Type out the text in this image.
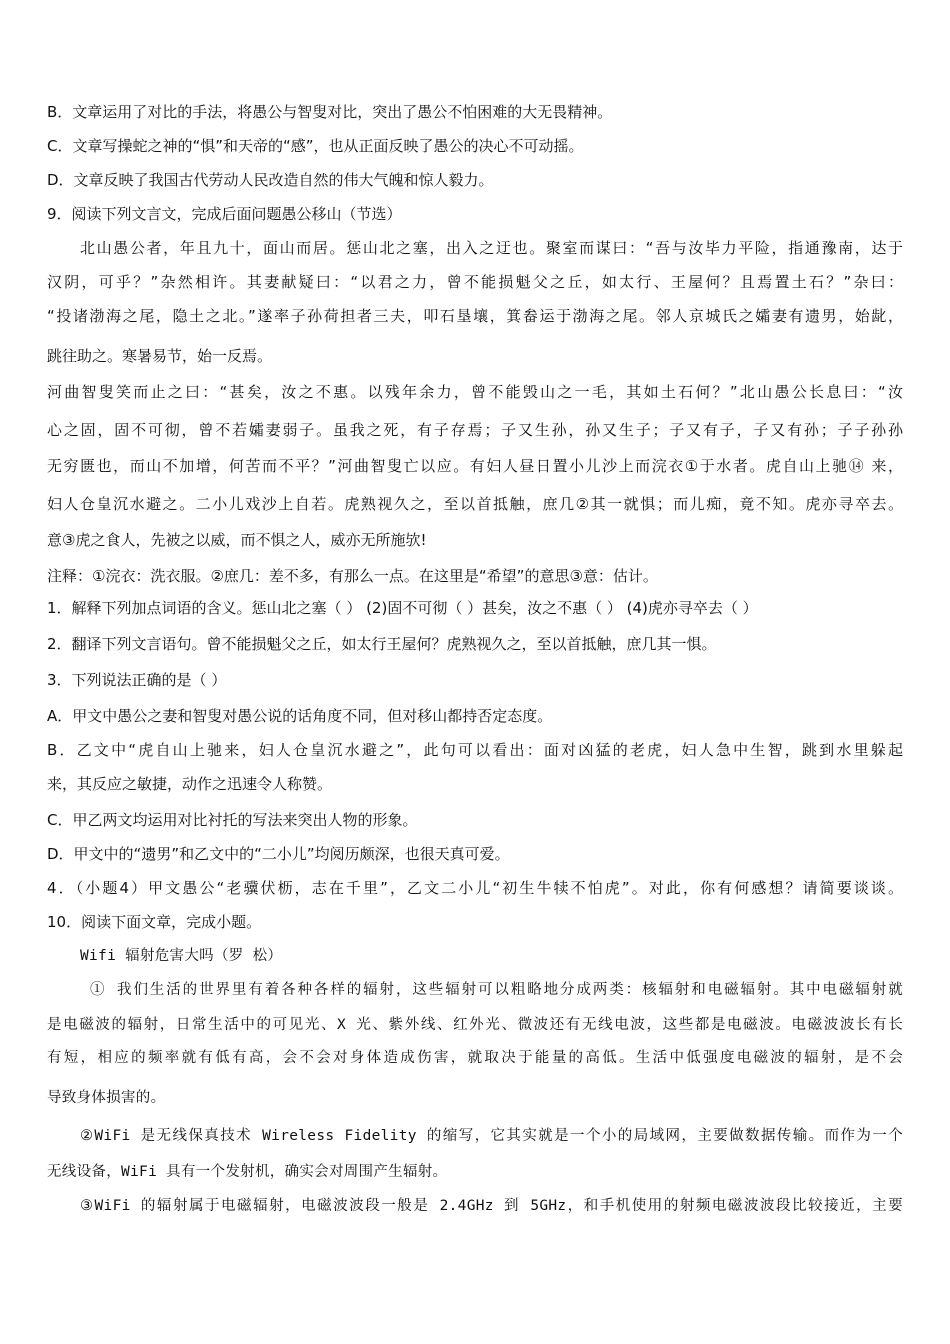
B．文章运用了对比的手法，将愚公与智叟对比，突出了愚公不怕困难的大无畏精神。
C．文章写操蛇之神的“惧”和天帝的“感”，也从正面反映了愚公的决心不可动摇。
D．文章反映了我国古代劳动人民改造自然的伟大气魄和惊人毅力。
9．阅读下列文言文，完成后面问题愚公移山（节选）
北山愚公者，年且九十，面山而居。惩山北之塞，出入之迂也。聚室而谋曰：“吾与汝毕力平险，指通豫南，达于
汉阴，可乎？”杂然相许。其妻献疑曰：“以君之力，曾不能损魁父之丘，如太行、王屋何？且焉置土石？”杂曰：
“投诸渤海之尾，隐土之北。”遂率子孙荷担者三夫，叩石垦壤，箕畚运于渤海之尾。邻人京城氏之孀妻有遗男，始龀，
跳往助之。寒暑易节，始一反焉。
河曲智叟笑而止之曰：“甚矣，汝之不惠。以残年余力，曾不能毁山之一毛，其如土石何？”北山愚公长息曰：“汝
心之固，固不可彻，曾不若孀妻弱子。虽我之死，有子存焉；子又生孙，孙又生子；子又有子，子又有孙；子子孙孙
无穷匮也，而山不加增，何苦而不平？”河曲智叟亡以应。有妇人昼日置小儿沙上而浣衣①于水者。虎自山上驰⑭ 来，
妇人仓皇沉水避之。二小儿戏沙上自若。虎熟视久之，至以首抵触，庶几②其一就惧；而儿痴，竟不知。虎亦寻卒去。
意③虎之食人，先被之以威，而不惧之人，威亦无所施欤!
注释：①浣衣：洗衣服。②庶几：差不多，有那么一点。在这里是“希望”的意思③意：估计。
1．解释下列加点词语的含义。惩山北之塞（ ） (2)固不可彻（ ）甚矣，汝之不惠（ ） (4)虎亦寻卒去（ ）
2．翻译下列文言语句。曾不能损魁父之丘，如太行王屋何？虎熟视久之，至以首抵触，庶几其一惧。
3．下列说法正确的是（ ）
A．甲文中愚公之妻和智叟对愚公说的话角度不同，但对移山都持否定态度。
B．乙文中“虎自山上驰来，妇人仓皇沉水避之”，此句可以看出：面对凶猛的老虎，妇人急中生智，跳到水里躲起
来，其反应之敏捷，动作之迅速令人称赞。
C．甲乙两文均运用对比衬托的写法来突出人物的形象。
D．甲文中的“遗男”和乙文中的“二小儿”均阅历颇深，也很天真可爱。
4．（小题4）甲文愚公“老骥伏枥，志在千里”，乙文二小儿“初生牛犊不怕虎”。对此，你有何感想？请简要谈谈。
10．阅读下面文章，完成小题。
Wifi 辐射危害大吗（罗 松）
① 我们生活的世界里有着各种各样的辐射，这些辐射可以粗略地分成两类：核辐射和电磁辐射。其中电磁辐射就
是电磁波的辐射，日常生活中的可见光、X 光、紫外线、红外光、微波还有无线电波，这些都是电磁波。电磁波波长有长
有短，相应的频率就有低有高，会不会对身体造成伤害，就取决于能量的高低。生活中低强度电磁波的辐射，是不会
导致身体损害的。
②WiFi 是无线保真技术 Wireless Fidelity 的缩写，它其实就是一个小的局域网，主要做数据传输。而作为一个
无线设备，WiFi 具有一个发射机，确实会对周围产生辐射。
③WiFi 的辐射属于电磁辐射，电磁波波段一般是 2.4GHz 到 5GHz，和手机使用的射频电磁波波段比较接近，主要
